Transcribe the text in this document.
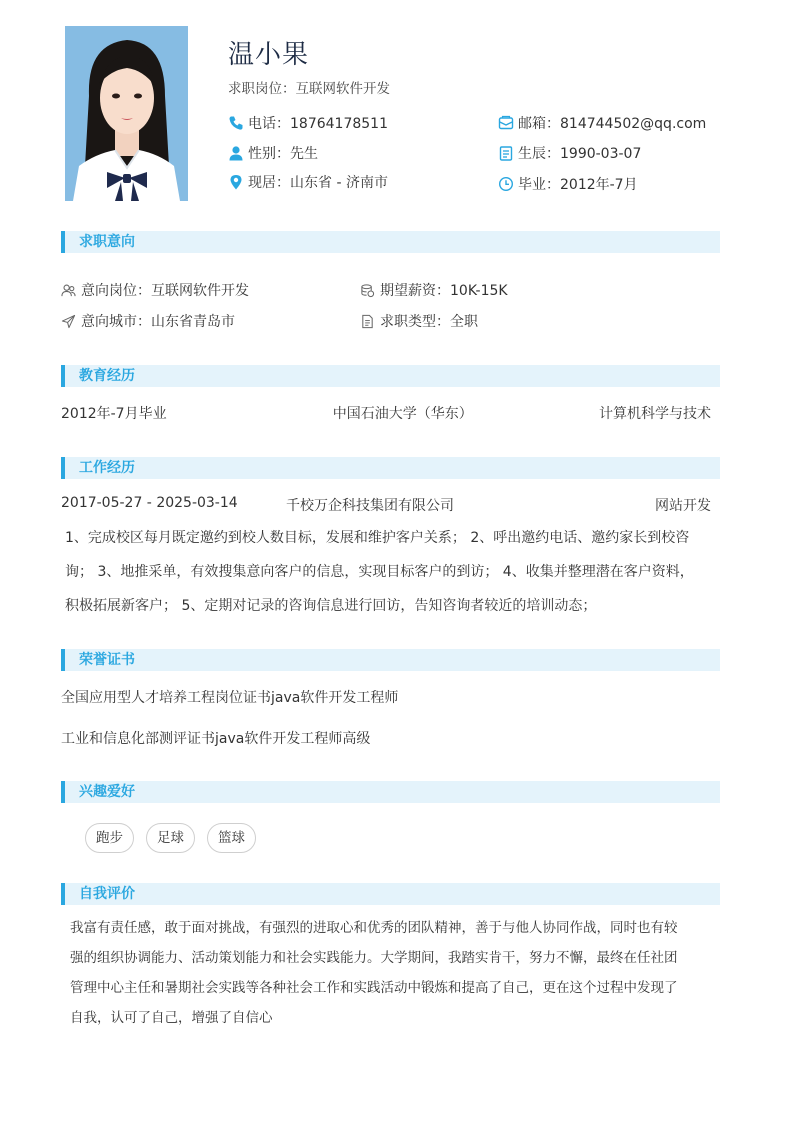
温小果
求职岗位：互联网软件开发
电话：18764178511
性别：先生
现居：山东省 - 济南市
邮箱：814744502@qq.com
生辰：1990-03-07
毕业：2012年-7月
求职意向
意向岗位：互联网软件开发	期望薪资：10K-15K
意向城市：山东省青岛市	求职类型：全职
教育经历
2012年-7月毕业	中国石油大学（华东）	计算机科学与技术
工作经历
2017-05-27 - 2025-03-14	千校万企科技集团有限公司	网站开发
1、完成校区每月既定邀约到校人数目标，发展和维护客户关系； 2、呼出邀约电话、邀约家长到校咨
询； 3、地推采单，有效搜集意向客户的信息，实现目标客户的到访； 4、收集并整理潜在客户资料，
积极拓展新客户； 5、定期对记录的咨询信息进行回访，告知咨询者较近的培训动态；
荣誉证书
全国应用型人才培养工程岗位证书java软件开发工程师
工业和信息化部测评证书java软件开发工程师高级
兴趣爱好
跑步	足球	篮球
自我评价
我富有责任感，敢于面对挑战，有强烈的进取心和优秀的团队精神，善于与他人协同作战，同时也有较
强的组织协调能力、活动策划能力和社会实践能力。大学期间，我踏实肯干，努力不懈，最终在任社团
管理中心主任和暑期社会实践等各种社会工作和实践活动中锻炼和提高了自己，更在这个过程中发现了
自我，认可了自己，增强了自信心
